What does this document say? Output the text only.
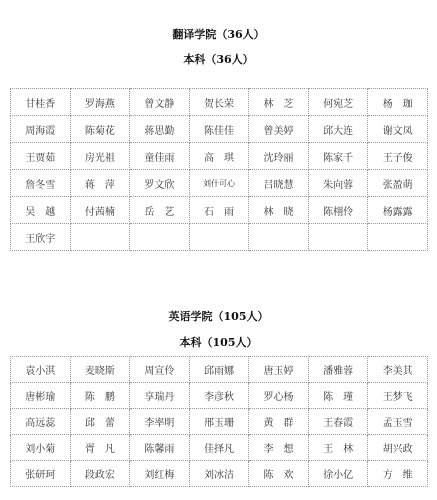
翻译学院（36人）
本科（36人）
甘桂香	罗海燕	曾文静	贺长荣	林　芝	何宛芝	杨　珈
周海霞	陈菊花	蒋思勤	陈佳佳	曾美婷	邱大连	谢文凤
王贾茹	房光祖	童佳雨	高　琪	沈玲丽	陈家千	王子俊
詹冬雪	蒋　萍	罗文欣	刘什可心	吕晓慧	朱向蓉	张盈萌
吴　越	付茜楠	岳　艺	石　雨	林　晓	陈栩伶	杨露露
王欣宇						
英语学院（105人）
本科（105人）
袁小淇	麦晓斯	周宣伶	邱雨娜	唐玉婷	潘雅蓉	李美其
唐彬瑜	陈　鹏	享瑞丹	李彦秋	罗心杨	陈　瑾	王梦飞
高远蕊	邱　蕾	李率明	邢玉珊	黄　群	王春霞	孟玉雪
刘小菊	胥　凡	陈馨雨	佳择凡	李　想	王　林	胡兴政
张研珂	段政宏	刘红梅	刘冰洁	陈　欢	徐小亿	方　维
